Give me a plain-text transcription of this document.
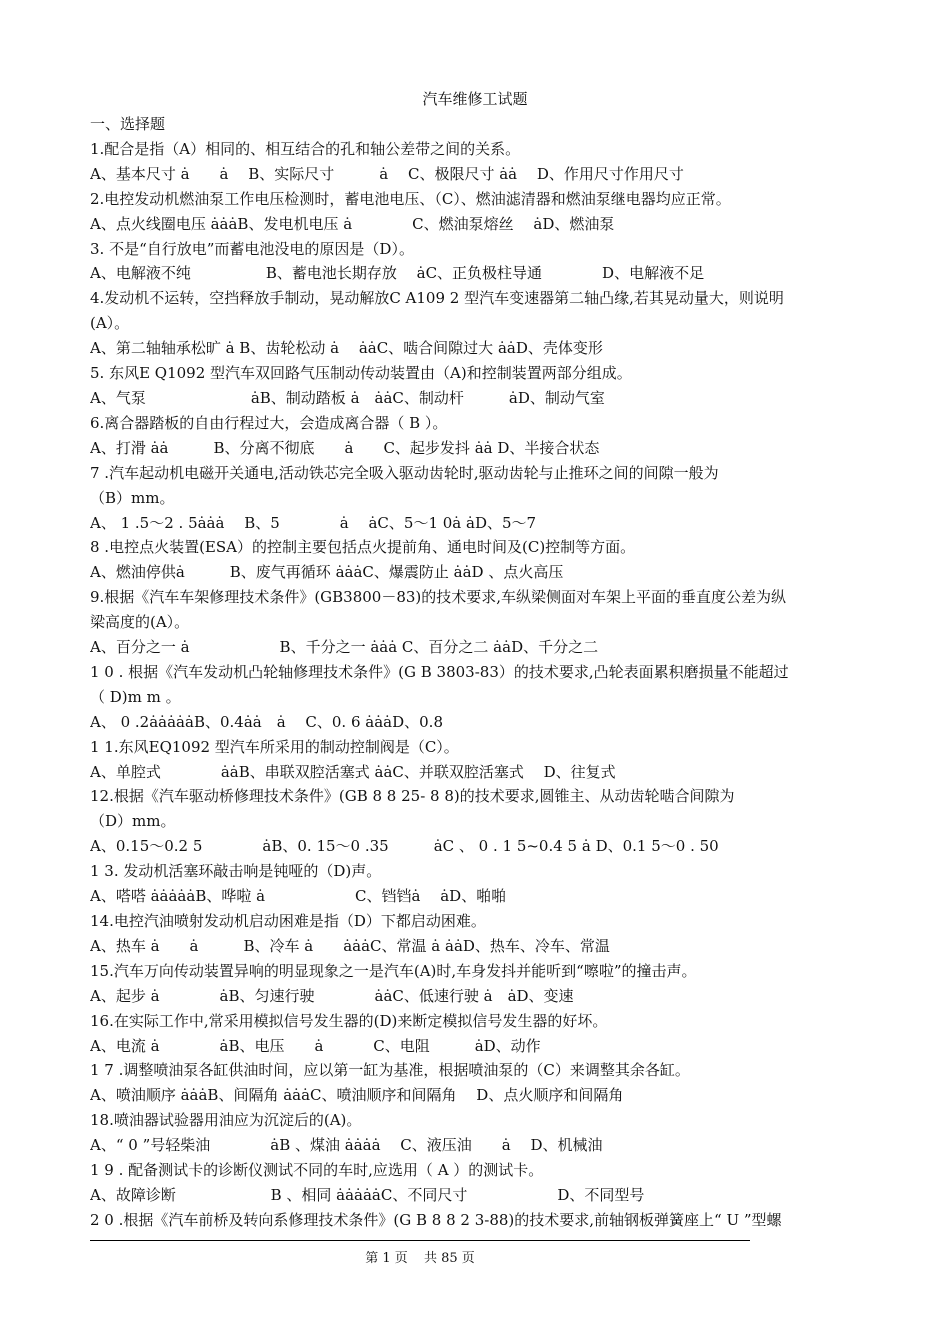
汽车维修工试题
一、选择题
1.配合是指（A）相同的、相互结合的孔和轴公差带之间的关系。
A、基本尺寸 ȧ　　ȧ　 B、实际尺寸　　　ȧ　 C、极限尺寸 ȧȧ　 D、作用尺寸作用尺寸
2.电控发动机燃油泵工作电压检测时，蓄电池电压、（C）、燃油滤清器和燃油泵继电器均应正常。
A、点火线圈电压 ȧȧȧB、发电机电压 ȧ　　　　C、燃油泵熔丝　 ȧD、燃油泵
3. 不是“自行放电”而蓄电池没电的原因是（D）。
A、电解液不纯　　　　　B、蓄电池长期存放　 ȧC、正负极柱导通　　　　D、电解液不足
4.发动机不运转，空挡释放手制动，晃动解放C A109 2 型汽车变速器第二轴凸缘,若其晃动量大，则说明
(A）。
A、第二轴轴承松旷 ȧ B、齿轮松动 ȧ　 ȧȧC、啮合间隙过大 ȧȧD、壳体变形
5. 东风E Q1092 型汽车双回路气压制动传动装置由（A)和控制装置两部分组成。
A、气泵　　　　　　　ȧB、制动踏板 ȧ　ȧȧC、制动杆　　　ȧD、制动气室
6.离合器踏板的自由行程过大，会造成离合器（ B ）。
A、打滑 ȧȧ　　　B、分离不彻底　　ȧ　　C、起步发抖 ȧȧ D、半接合状态
7 .汽车起动机电磁开关通电,活动铁芯完全吸入驱动齿轮时,驱动齿轮与止推环之间的间隙一般为
（B）mm。
A、 1 .5～2 . 5ȧȧȧ　 B、5　　　　ȧ　 ȧC、5～1 0ȧ ȧD、5～7
8 .电控点火装置(ESA）的控制主要包括点火提前角、通电时间及(C)控制等方面。
A、燃油停供ȧ　　　B、废气再循环 ȧȧȧC、爆震防止 ȧȧD 、点火高压
9.根据《汽车车架修理技术条件》(GB3800－83)的技术要求,车纵梁侧面对车架上平面的垂直度公差为纵
梁高度的(A）。
A、百分之一 ȧ　　　　　　B、千分之一 ȧȧȧ C、百分之二 ȧȧD、千分之二
1 0 . 根据《汽车发动机凸轮轴修理技术条件》(G B 3803-83）的技术要求,凸轮表面累积磨损量不能超过
（ D)m m 。
A、 0 .2ȧȧȧȧȧB、0.4ȧȧ　ȧ　 C、0. 6 ȧȧȧD、0.8
1 1.东风EQ1092 型汽车所采用的制动控制阀是（C）。
A、单腔式　　　　ȧȧB、串联双腔活塞式 ȧȧC、并联双腔活塞式　 D、往复式
12.根据《汽车驱动桥修理技术条件》(GB 8 8 25- 8 8)的技术要求,圆锥主、从动齿轮啮合间隙为
（D）mm。
A、0.15～0.2 5　　　　ȧB、0. 15～0 .35　　　ȧC 、 0 . 1 5~0.4 5 ȧ D、0.1 5～0 . 50
1 3. 发动机活塞环敲击响是钝哑的（D)声。
A、嗒嗒 ȧȧȧȧȧB、哗啦 ȧ　　　　　　C、铛铛ȧ　 ȧD、啪啪
14.电控汽油喷射发动机启动困难是指（D）下都启动困难。
A、热车 ȧ　　ȧ　　　B、冷车 ȧ　　ȧȧȧC、常温 ȧ ȧȧD、热车、冷车、常温
15.汽车万向传动装置异响的明显现象之一是汽车(A)时,车身发抖并能听到“嚓啦”的撞击声。
A、起步 ȧ　　　　ȧB、匀速行驶　　　　ȧȧC、低速行驶 ȧ　ȧD、变速
16.在实际工作中,常采用模拟信号发生器的(D)来断定模拟信号发生器的好坏。
A、电流 ȧ　　　　ȧB、电压　　ȧ　　　 C、电阻　　　ȧD、动作
1 7 .调整喷油泵各缸供油时间，应以第一缸为基准，根据喷油泵的（C）来调整其余各缸。
A、喷油顺序 ȧȧȧB、间隔角 ȧȧȧC、喷油顺序和间隔角　 D、点火顺序和间隔角
18.喷油器试验器用油应为沉淀后的(A)。
A、“ 0 ”号轻柴油　　　　ȧB 、煤油 ȧȧȧȧ　 C、液压油　　ȧ　 D、机械油
1 9 . 配备测试卡的诊断仪测试不同的车时,应选用（ A ）的测试卡。
A、故障诊断　　　　　　 B 、相同 ȧȧȧȧȧC、不同尺寸　　　　　　D、不同型号
2 0 .根据《汽车前桥及转向系修理技术条件》(G B 8 8 2 3-88)的技术要求,前轴钢板弹簧座上“ U ”型螺
第 1 页 共 85 页
